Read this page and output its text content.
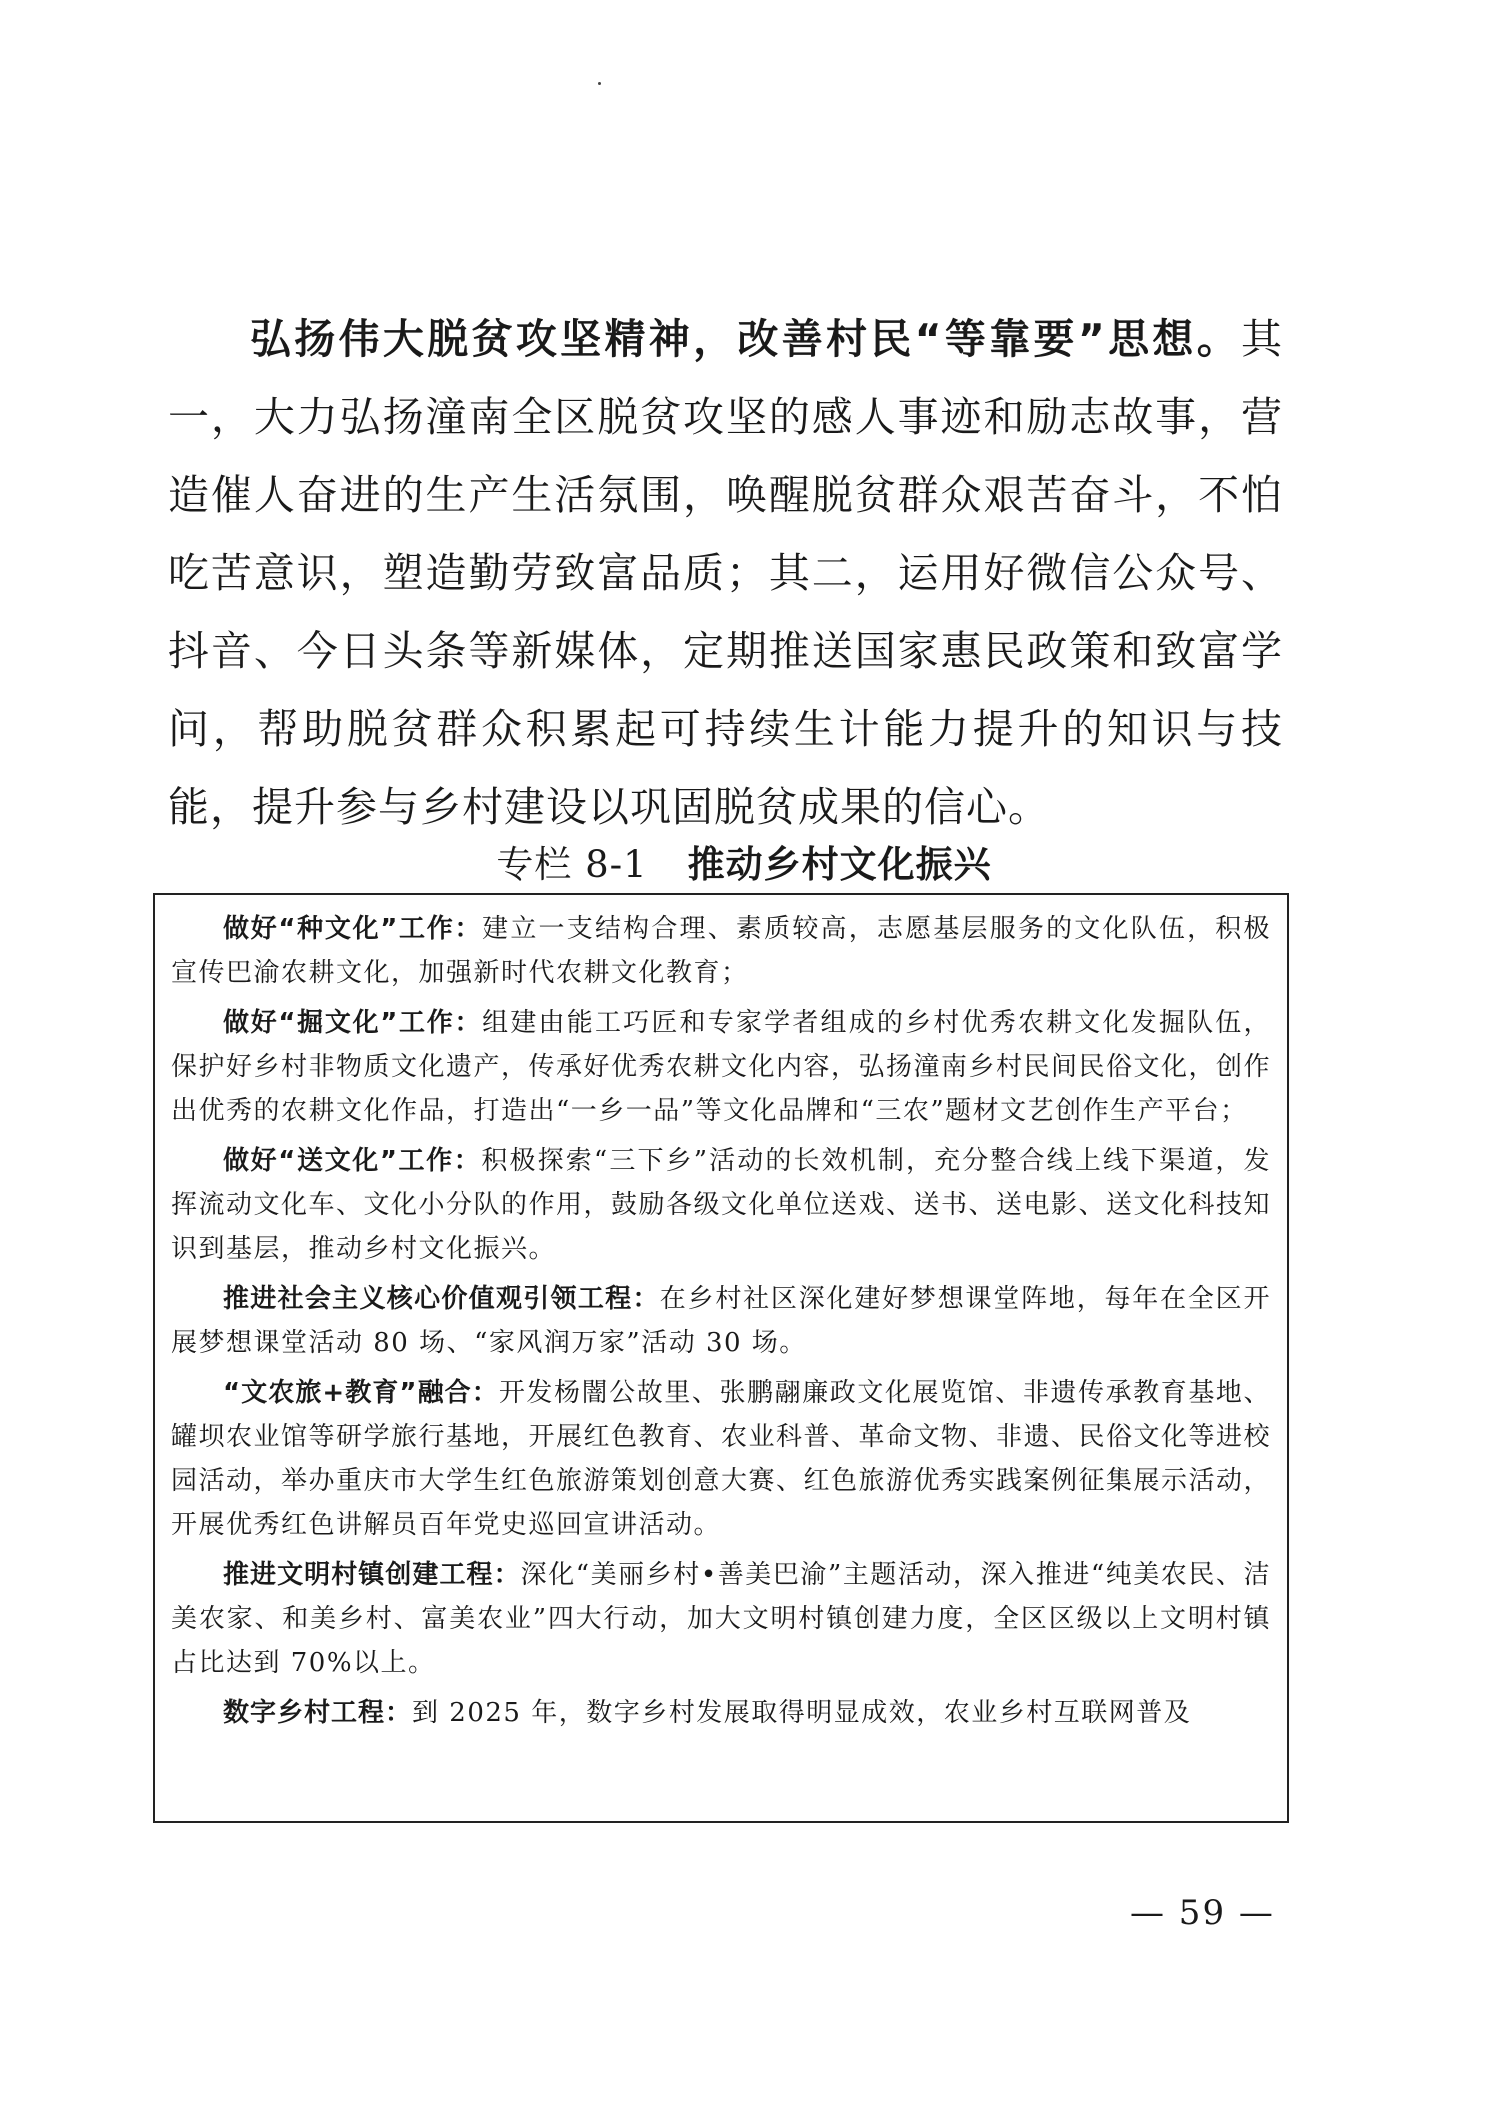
弘扬伟大脱贫攻坚精神，改善村民“等靠要”思想。其一，大力弘扬潼南全区脱贫攻坚的感人事迹和励志故事，营造催人奋进的生产生活氛围，唤醒脱贫群众艰苦奋斗，不怕吃苦意识，塑造勤劳致富品质；其二，运用好微信公众号、抖音、今日头条等新媒体，定期推送国家惠民政策和致富学问，帮助脱贫群众积累起可持续生计能力提升的知识与技能，提升参与乡村建设以巩固脱贫成果的信心。

专栏 8-1 推动乡村文化振兴

做好“种文化”工作：建立一支结构合理、素质较高，志愿基层服务的文化队伍，积极宣传巴渝农耕文化，加强新时代农耕文化教育；

做好“掘文化”工作：组建由能工巧匠和专家学者组成的乡村优秀农耕文化发掘队伍，保护好乡村非物质文化遗产，传承好优秀农耕文化内容，弘扬潼南乡村民间民俗文化，创作出优秀的农耕文化作品，打造出“一乡一品”等文化品牌和“三农”题材文艺创作生产平台；

做好“送文化”工作：积极探索“三下乡”活动的长效机制，充分整合线上线下渠道，发挥流动文化车、文化小分队的作用，鼓励各级文化单位送戏、送书、送电影、送文化科技知识到基层，推动乡村文化振兴。

推进社会主义核心价值观引领工程：在乡村社区深化建好梦想课堂阵地，每年在全区开展梦想课堂活动 80 场、“家风润万家”活动 30 场。

“文农旅+教育”融合：开发杨闇公故里、张鹏翮廉政文化展览馆、非遗传承教育基地、罐坝农业馆等研学旅行基地，开展红色教育、农业科普、革命文物、非遗、民俗文化等进校园活动，举办重庆市大学生红色旅游策划创意大赛、红色旅游优秀实践案例征集展示活动，开展优秀红色讲解员百年党史巡回宣讲活动。

推进文明村镇创建工程：深化“美丽乡村•善美巴渝”主题活动，深入推进“纯美农民、洁美农家、和美乡村、富美农业”四大行动，加大文明村镇创建力度，全区区级以上文明村镇占比达到 70%以上。

数字乡村工程：到 2025 年，数字乡村发展取得明显成效，农业乡村互联网普及

— 59 —
